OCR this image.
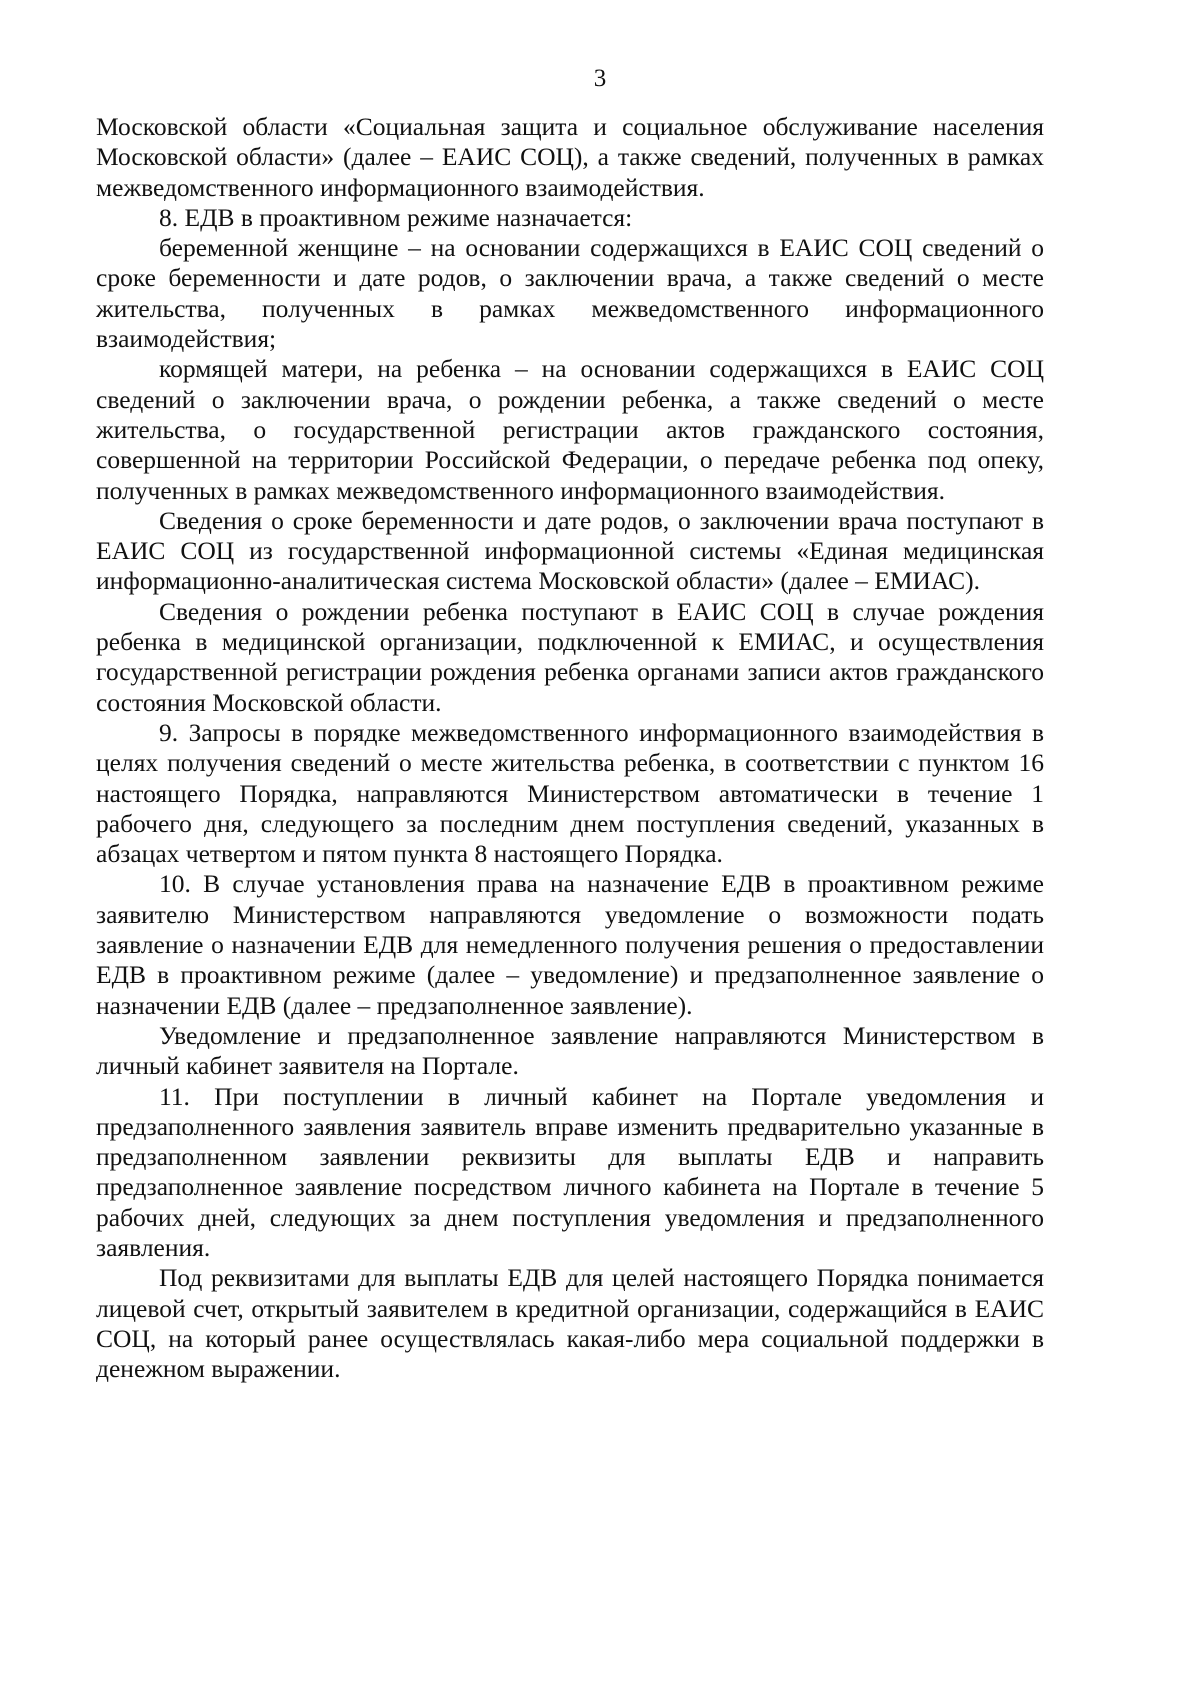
3

Московской области «Социальная защита и социальное обслуживание населения Московской области» (далее – ЕАИС СОЦ), а также сведений, полученных в рамках межведомственного информационного взаимодействия.

8. ЕДВ в проактивном режиме назначается:

беременной женщине – на основании содержащихся в ЕАИС СОЦ сведений о сроке беременности и дате родов, о заключении врача, а также сведений о месте жительства, полученных в рамках межведомственного информационного взаимодействия;

кормящей матери, на ребенка – на основании содержащихся в ЕАИС СОЦ сведений о заключении врача, о рождении ребенка, а также сведений о месте жительства, о государственной регистрации актов гражданского состояния, совершенной на территории Российской Федерации, о передаче ребенка под опеку, полученных в рамках межведомственного информационного взаимодействия.

Сведения о сроке беременности и дате родов, о заключении врача поступают в ЕАИС СОЦ из государственной информационной системы «Единая медицинская информационно-аналитическая система Московской области» (далее – ЕМИАС).

Сведения о рождении ребенка поступают в ЕАИС СОЦ в случае рождения ребенка в медицинской организации, подключенной к ЕМИАС, и осуществления государственной регистрации рождения ребенка органами записи актов гражданского состояния Московской области.

9. Запросы в порядке межведомственного информационного взаимодействия в целях получения сведений о месте жительства ребенка, в соответствии с пунктом 16 настоящего Порядка, направляются Министерством автоматически в течение 1 рабочего дня, следующего за последним днем поступления сведений, указанных в абзацах четвертом и пятом пункта 8 настоящего Порядка.

10. В случае установления права на назначение ЕДВ в проактивном режиме заявителю Министерством направляются уведомление о возможности подать заявление о назначении ЕДВ для немедленного получения решения о предоставлении ЕДВ в проактивном режиме (далее – уведомление) и предзаполненное заявление о назначении ЕДВ (далее – предзаполненное заявление).

Уведомление и предзаполненное заявление направляются Министерством в личный кабинет заявителя на Портале.

11. При поступлении в личный кабинет на Портале уведомления и предзаполненного заявления заявитель вправе изменить предварительно указанные в предзаполненном заявлении реквизиты для выплаты ЕДВ и направить предзаполненное заявление посредством личного кабинета на Портале в течение 5 рабочих дней, следующих за днем поступления уведомления и предзаполненного заявления.

Под реквизитами для выплаты ЕДВ для целей настоящего Порядка понимается лицевой счет, открытый заявителем в кредитной организации, содержащийся в ЕАИС СОЦ, на который ранее осуществлялась какая-либо мера социальной поддержки в денежном выражении.
